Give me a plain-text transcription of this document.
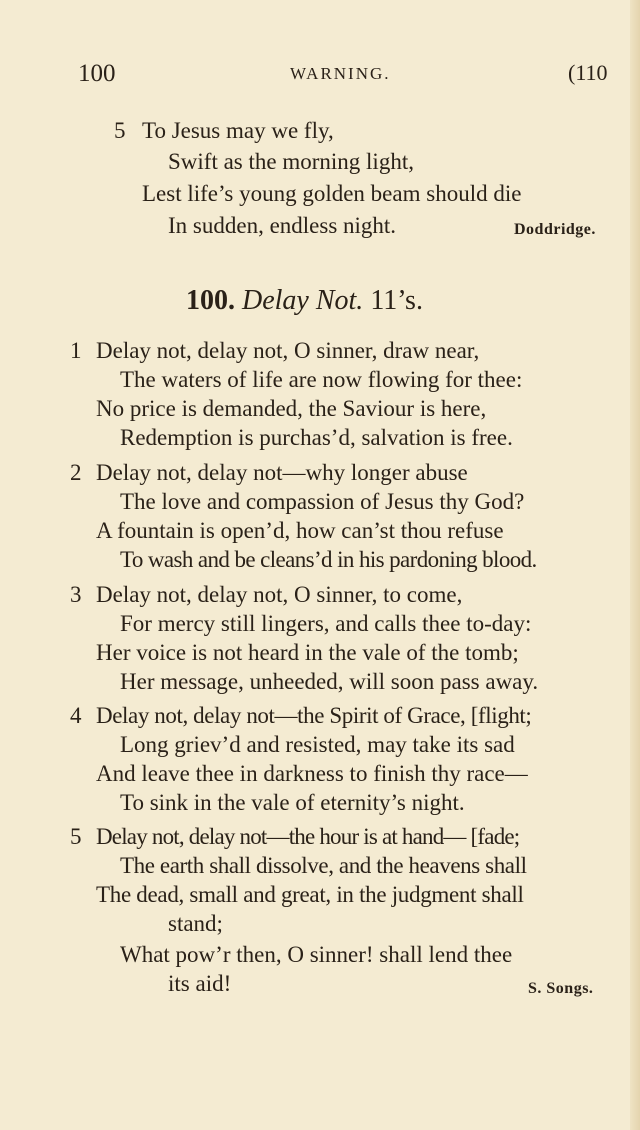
100	WARNING.	(110
5 To Jesus may we fly,
Swift as the morning light,
Lest life’s young golden beam should die
In sudden, endless night.	Doddridge.
100. Delay Not. 11’s.
1 Delay not, delay not, O sinner, draw near,
The waters of life are now flowing for thee:
No price is demanded, the Saviour is here,
Redemption is purchas’d, salvation is free.
2 Delay not, delay not—why longer abuse
The love and compassion of Jesus thy God?
A fountain is open’d, how can’st thou refuse
To wash and be cleans’d in his pardoning blood.
3 Delay not, delay not, O sinner, to come,
For mercy still lingers, and calls thee to-day:
Her voice is not heard in the vale of the tomb;
Her message, unheeded, will soon pass away.
4 Delay not, delay not—the Spirit of Grace, [flight;
Long griev’d and resisted, may take its sad
And leave thee in darkness to finish thy race—
To sink in the vale of eternity’s night.
5 Delay not, delay not—the hour is at hand— [fade;
The earth shall dissolve, and the heavens shall
The dead, small and great, in the judgment shall
stand;
What pow’r then, O sinner! shall lend thee
its aid!	S. Songs.
